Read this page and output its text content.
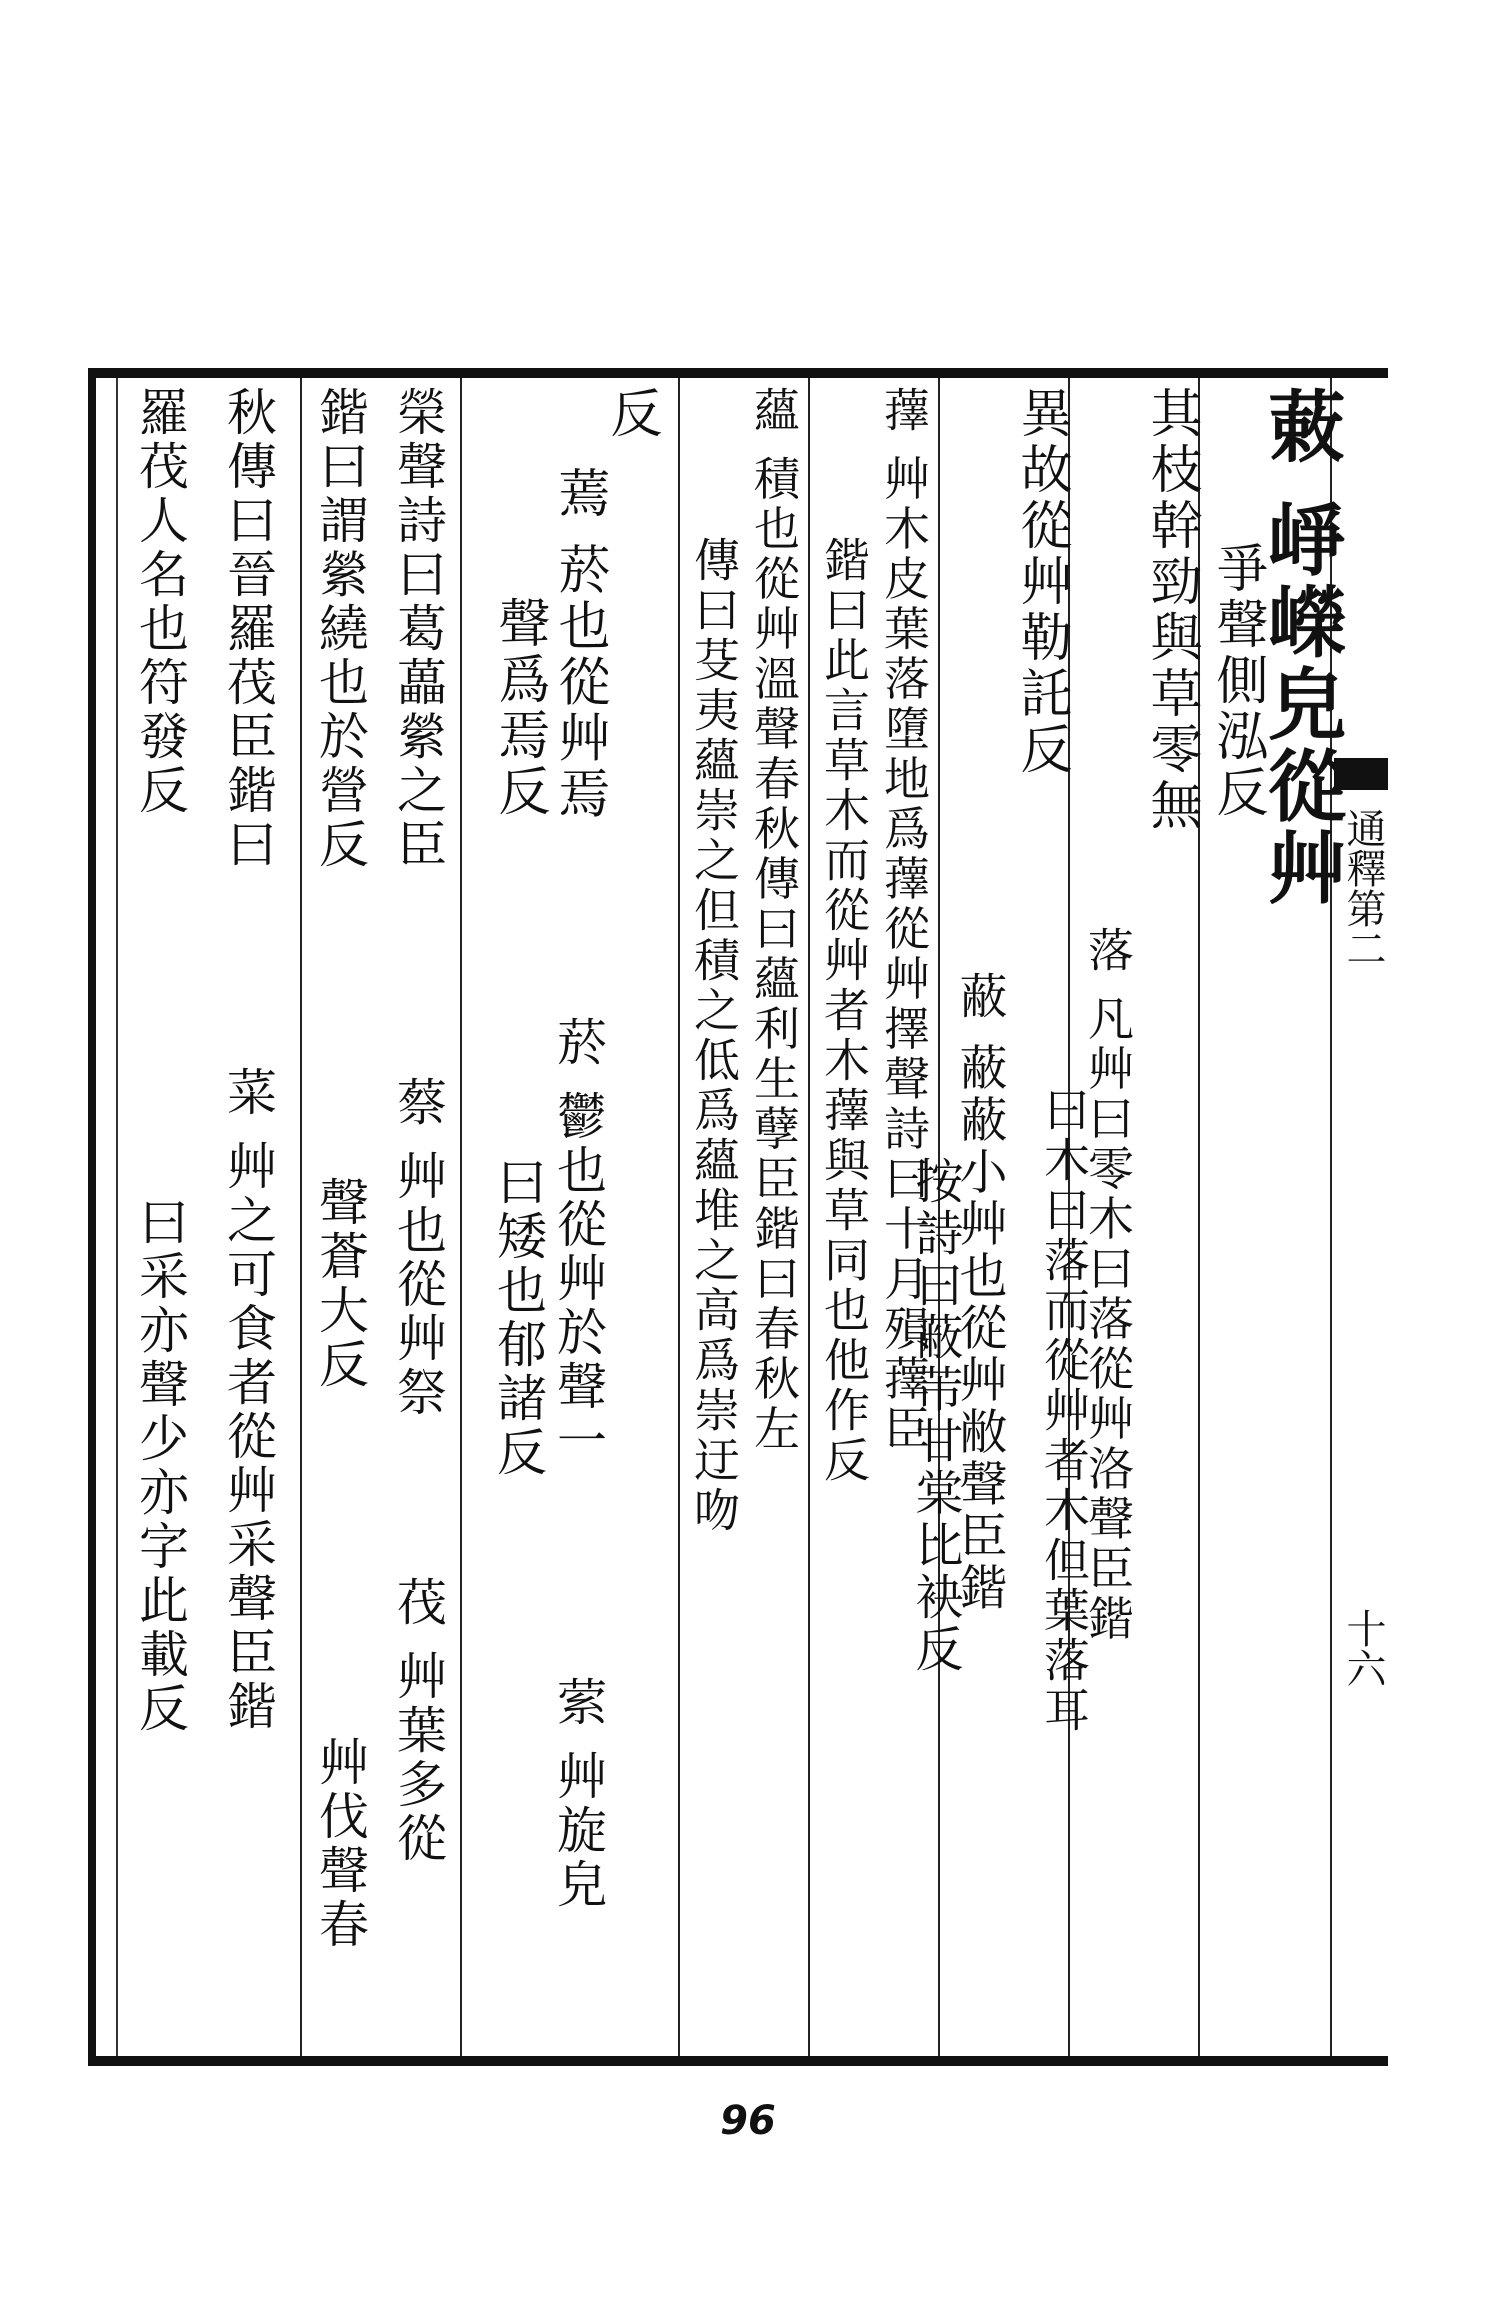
通釋第二
十六
䔩 崢嶸皃從艸
爭聲側泓反
其枝幹勁與草零無
落 凡艸曰零木曰落從艸洛聲臣鍇
曰木曰落而從艸者木但葉落耳
異故從艸勒託反
蔽 蔽蔽小艸也從艸敝聲臣鍇
按詩曰蔽芾甘棠比袂反
蘀 艸木皮葉落墮地爲蘀從艸擇聲詩曰十月殞蘀臣
鍇曰此言草木而從艸者木蘀與草同也他作反
蘊 積也從艸溫聲春秋傳曰蘊利生孽臣鍇曰春秋左
傳曰芟夷蘊崇之但積之低爲蘊堆之高爲崇迂吻
反
蔫 菸也從艸焉
聲爲焉反
菸 鬱也從艸於聲一
曰矮也郁諸反
萦 艸旋皃
榮聲詩曰葛藟縈之臣
蔡 艸也從艸祭
茷 艸葉多從
鍇曰謂縈繞也於營反
聲蒼大反
艸伐聲春
秋傳曰晉羅茷臣鍇曰
菜 艸之可食者從艸采聲臣鍇
羅茷人名也符發反
曰采亦聲少亦字此載反
96
